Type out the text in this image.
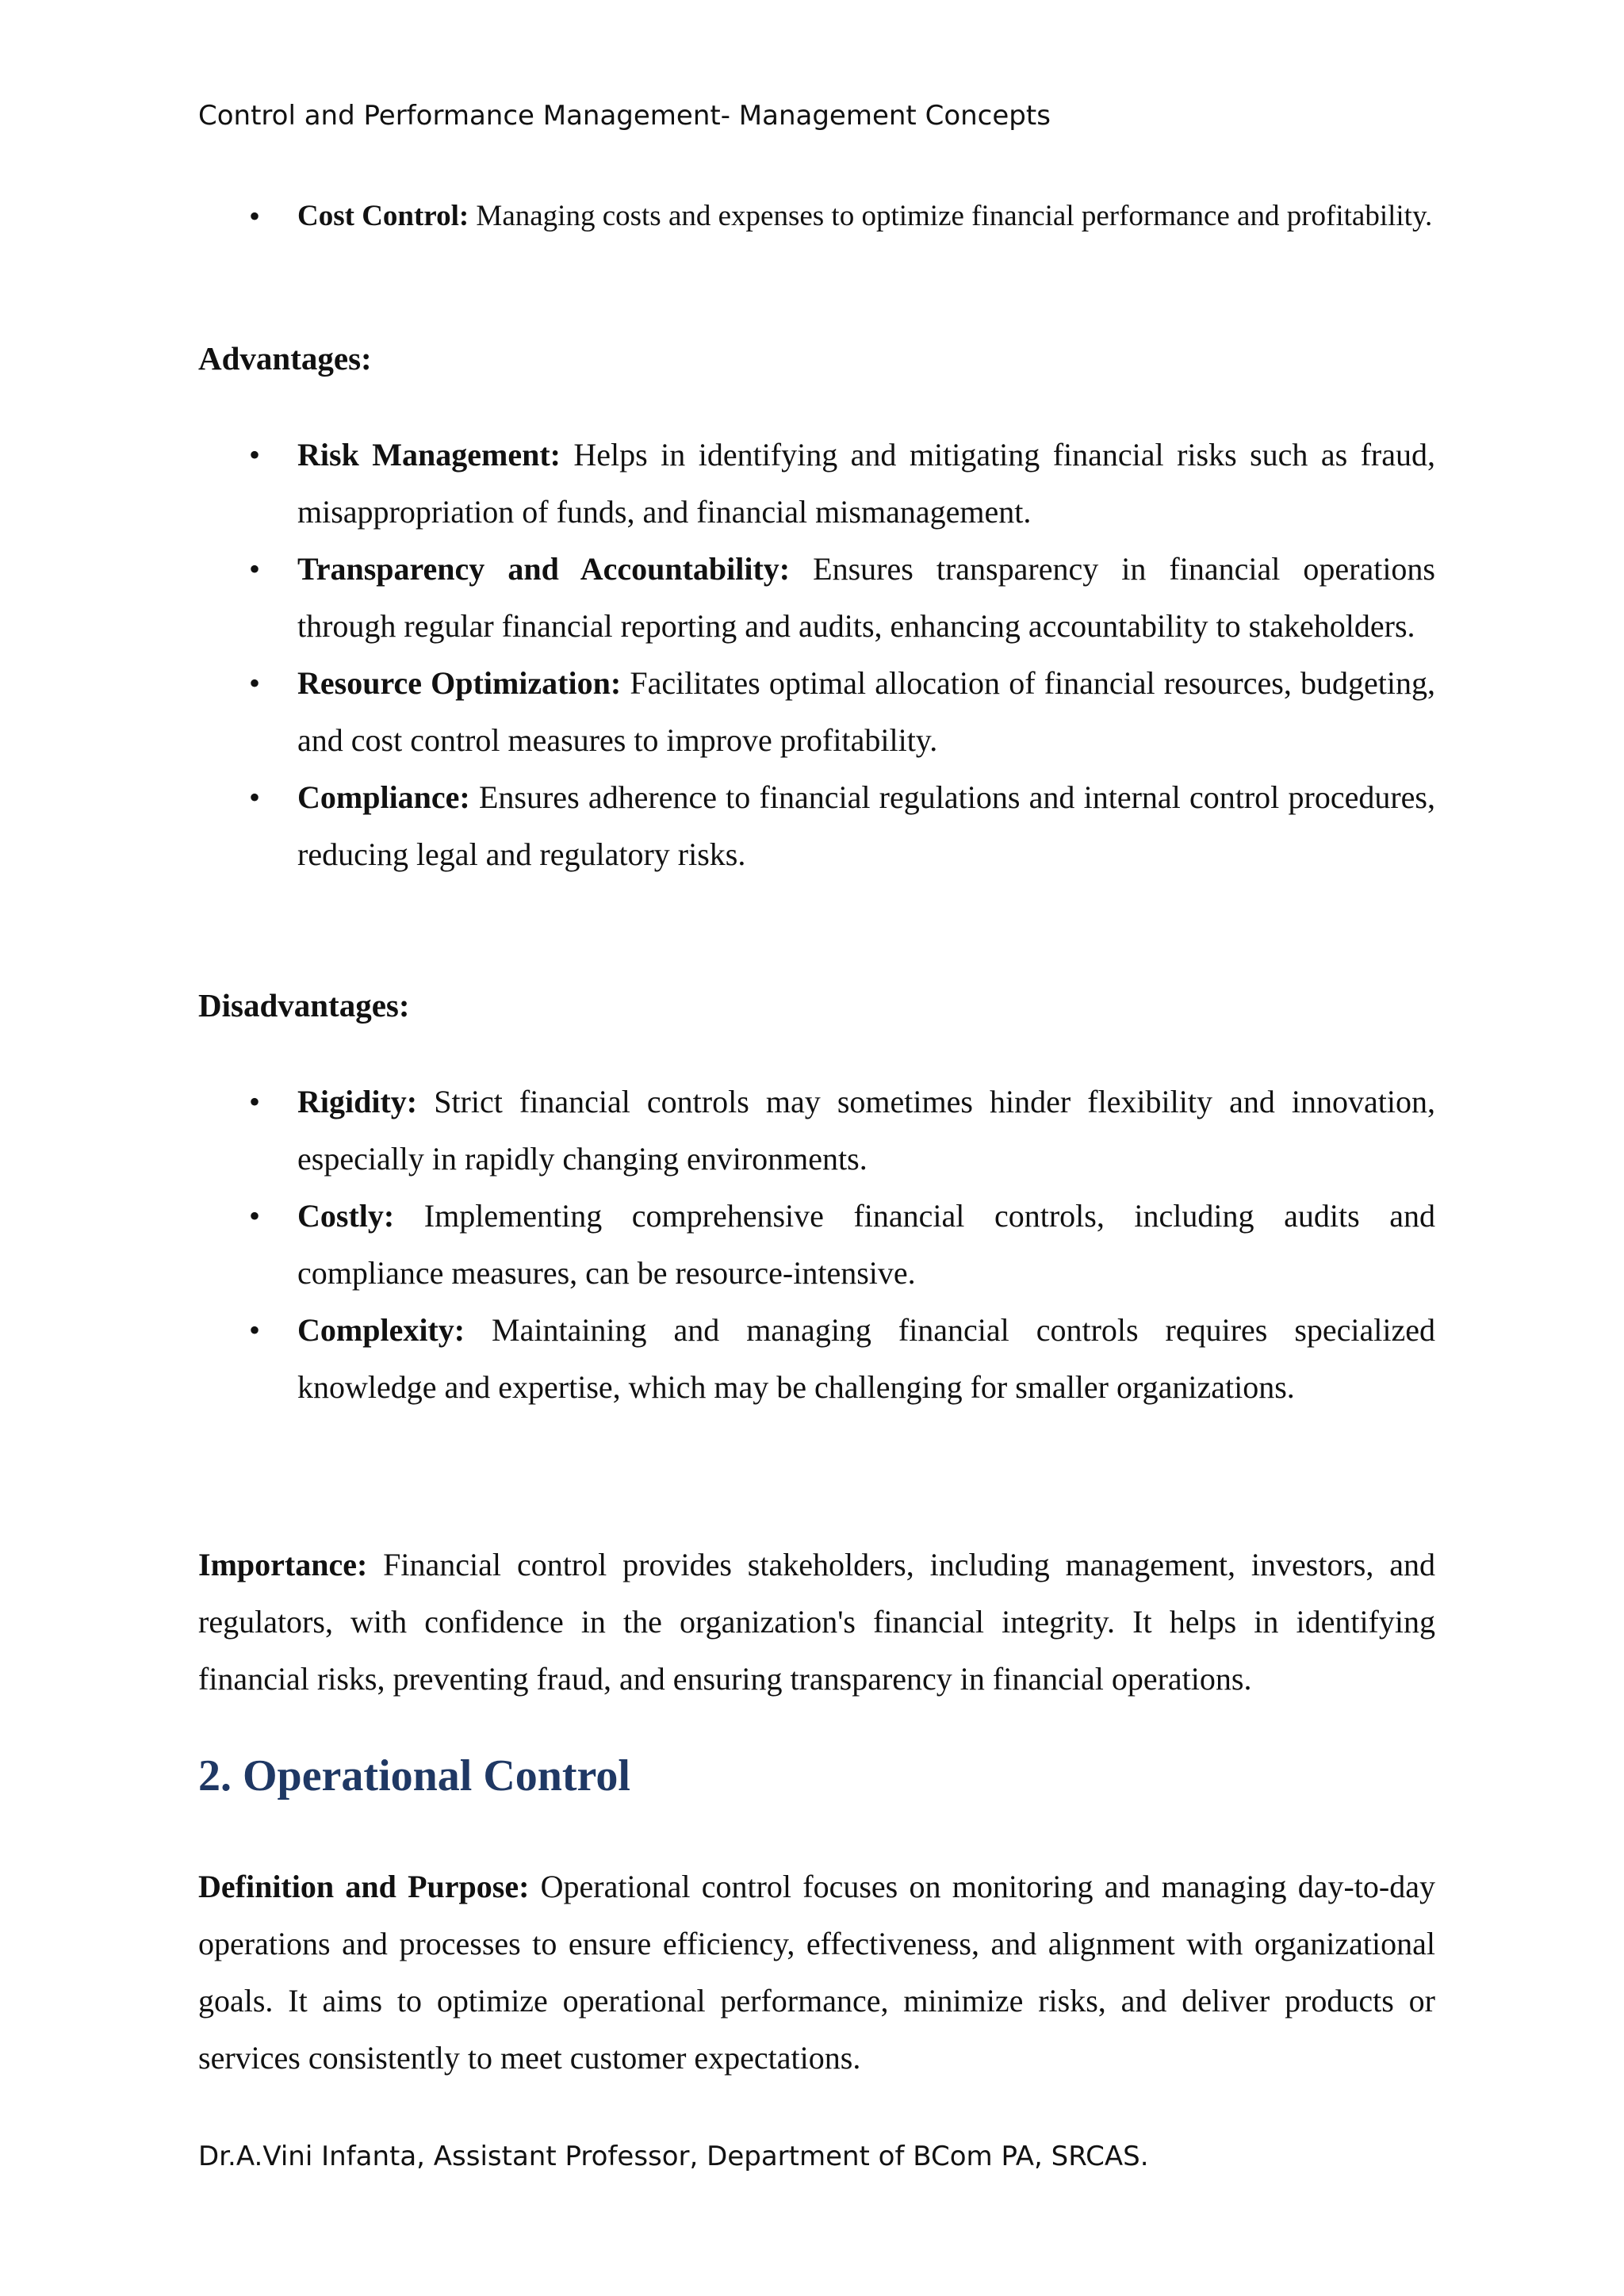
Control and Performance Management- Management Concepts
• Cost Control: Managing costs and expenses to optimize financial performance and profitability.
Advantages:
• Risk Management: Helps in identifying and mitigating financial risks such as fraud, misappropriation of funds, and financial mismanagement.
• Transparency and Accountability: Ensures transparency in financial operations through regular financial reporting and audits, enhancing accountability to stakeholders.
• Resource Optimization: Facilitates optimal allocation of financial resources, budgeting, and cost control measures to improve profitability.
• Compliance: Ensures adherence to financial regulations and internal control procedures, reducing legal and regulatory risks.
Disadvantages:
• Rigidity: Strict financial controls may sometimes hinder flexibility and innovation, especially in rapidly changing environments.
• Costly: Implementing comprehensive financial controls, including audits and compliance measures, can be resource-intensive.
• Complexity: Maintaining and managing financial controls requires specialized knowledge and expertise, which may be challenging for smaller organizations.

Importance: Financial control provides stakeholders, including management, investors, and regulators, with confidence in the organization's financial integrity. It helps in identifying financial risks, preventing fraud, and ensuring transparency in financial operations.

2. Operational Control

Definition and Purpose: Operational control focuses on monitoring and managing day-to-day operations and processes to ensure efficiency, effectiveness, and alignment with organizational goals. It aims to optimize operational performance, minimize risks, and deliver products or services consistently to meet customer expectations.

Dr.A.Vini Infanta, Assistant Professor, Department of BCom PA, SRCAS.
